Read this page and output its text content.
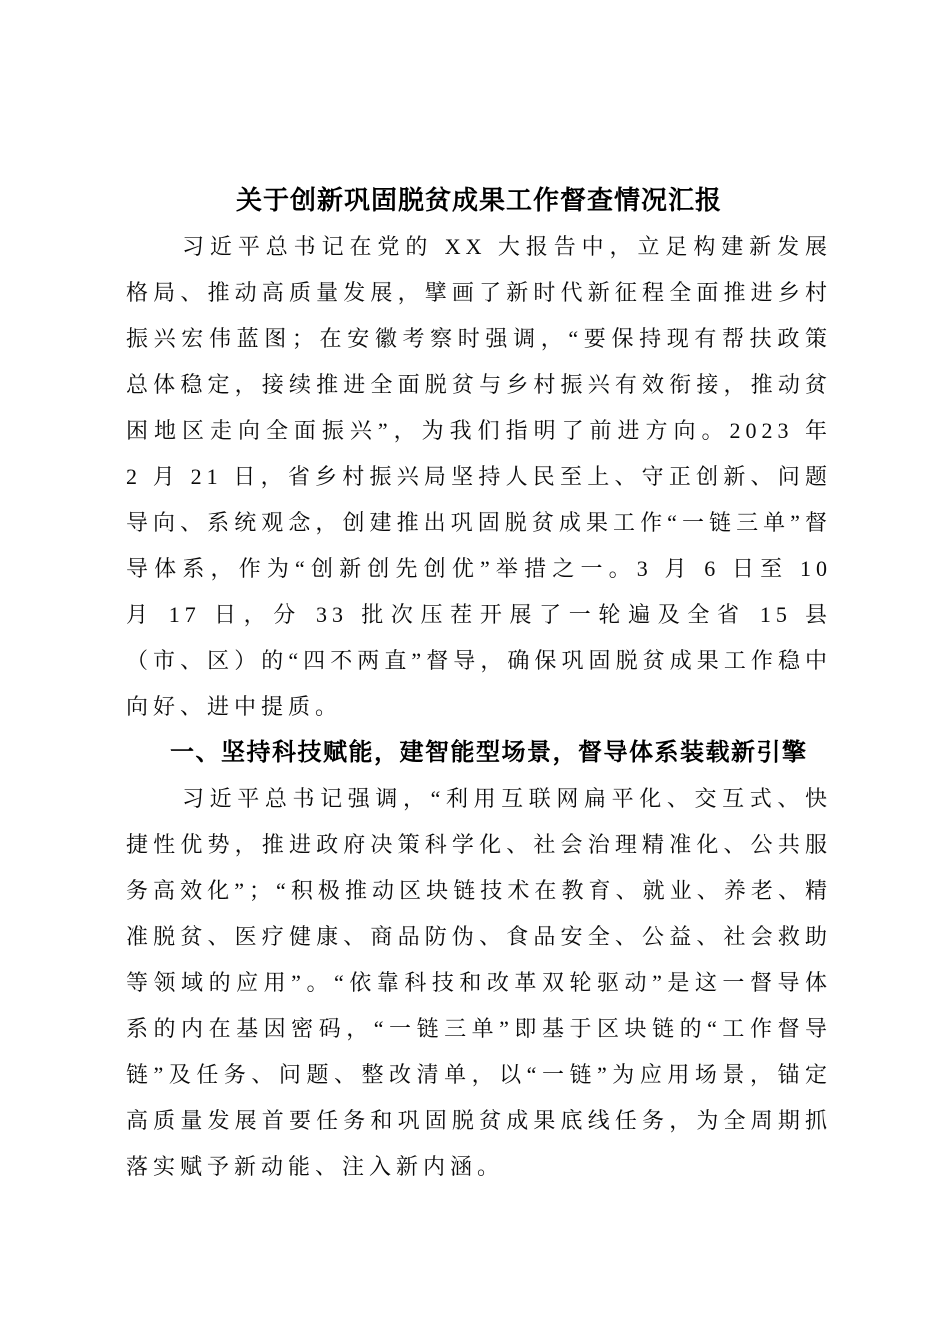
关于创新巩固脱贫成果工作督查情况汇报

习近平总书记在党的 XX 大报告中，立足构建新发展格局、推动高质量发展，擘画了新时代新征程全面推进乡村振兴宏伟蓝图；在安徽考察时强调，“要保持现有帮扶政策总体稳定，接续推进全面脱贫与乡村振兴有效衔接，推动贫困地区走向全面振兴”，为我们指明了前进方向。2023 年 2 月 21 日，省乡村振兴局坚持人民至上、守正创新、问题导向、系统观念，创建推出巩固脱贫成果工作“一链三单”督导体系，作为“创新创先创优”举措之一。3 月 6 日至 10 月 17 日，分 33 批次压茬开展了一轮遍及全省 15 县（市、区）的“四不两直”督导，确保巩固脱贫成果工作稳中向好、进中提质。

一、坚持科技赋能，建智能型场景，督导体系装载新引擎

习近平总书记强调，“利用互联网扁平化、交互式、快捷性优势，推进政府决策科学化、社会治理精准化、公共服务高效化”；“积极推动区块链技术在教育、就业、养老、精准脱贫、医疗健康、商品防伪、食品安全、公益、社会救助等领域的应用”。“依靠科技和改革双轮驱动”是这一督导体系的内在基因密码，“一链三单”即基于区块链的“工作督导链”及任务、问题、整改清单，以“一链”为应用场景，锚定高质量发展首要任务和巩固脱贫成果底线任务，为全周期抓落实赋予新动能、注入新内涵。
